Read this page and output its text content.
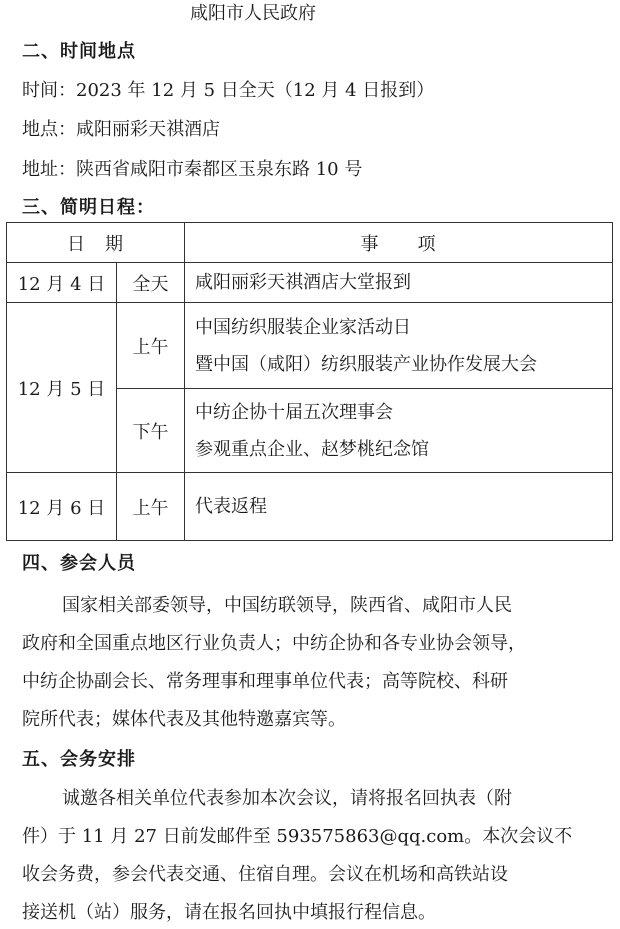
咸阳市人民政府
二、时间地点
时间：2023 年 12 月 5 日全天（12 月 4 日报到）
地点：咸阳丽彩天祺酒店
地址：陕西省咸阳市秦都区玉泉东路 10 号
三、简明日程：
日　期		事　　项
12 月 4 日	全天	咸阳丽彩天祺酒店大堂报到

12 月 5 日	上午	中国纺织服装企业家活动日
暨中国（咸阳）纺织服装产业协作发展大会

	下午	中纺企协十届五次理事会
参观重点企业、赵梦桃纪念馆

12 月 6 日	上午	代表返程
四、参会人员
国家相关部委领导，中国纺联领导，陕西省、咸阳市人民
政府和全国重点地区行业负责人；中纺企协和各专业协会领导，
中纺企协副会长、常务理事和理事单位代表；高等院校、科研
院所代表；媒体代表及其他特邀嘉宾等。
五、会务安排
诚邀各相关单位代表参加本次会议，请将报名回执表（附
件）于 11 月 27 日前发邮件至 593575863@qq.com。本次会议不
收会务费，参会代表交通、住宿自理。会议在机场和高铁站设
接送机（站）服务，请在报名回执中填报行程信息。
